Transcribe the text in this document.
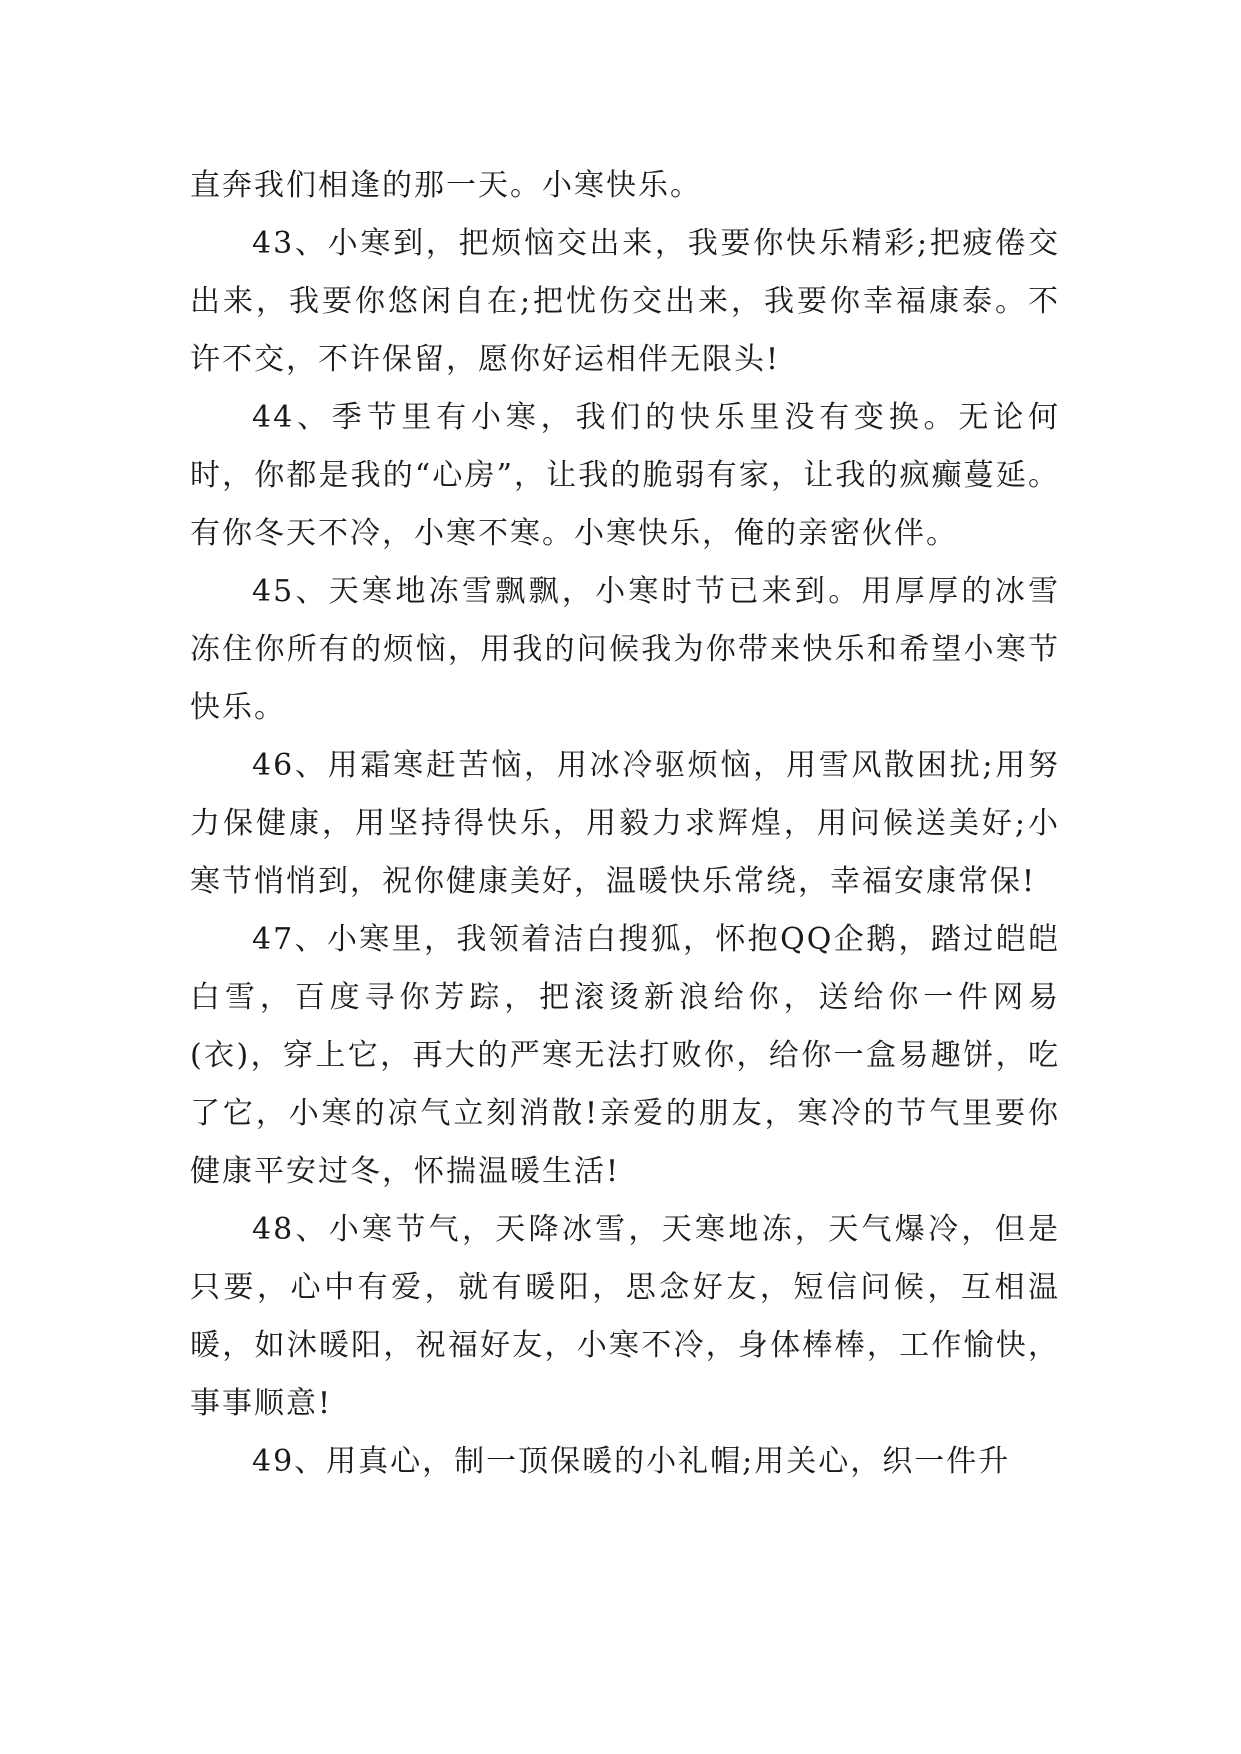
直奔我们相逢的那一天。小寒快乐。

43、小寒到，把烦恼交出来，我要你快乐精彩;把疲倦交出来，我要你悠闲自在;把忧伤交出来，我要你幸福康泰。不许不交，不许保留，愿你好运相伴无限头!

44、季节里有小寒，我们的快乐里没有变换。无论何时，你都是我的“心房”，让我的脆弱有家，让我的疯癫蔓延。有你冬天不冷，小寒不寒。小寒快乐，俺的亲密伙伴。

45、天寒地冻雪飘飘，小寒时节已来到。用厚厚的冰雪冻住你所有的烦恼，用我的问候我为你带来快乐和希望小寒节快乐。

46、用霜寒赶苦恼，用冰冷驱烦恼，用雪风散困扰;用努力保健康，用坚持得快乐，用毅力求辉煌，用问候送美好;小寒节悄悄到，祝你健康美好，温暖快乐常绕，幸福安康常保!

47、小寒里，我领着洁白搜狐，怀抱QQ企鹅，踏过皑皑白雪，百度寻你芳踪，把滚烫新浪给你，送给你一件网易(衣)，穿上它，再大的严寒无法打败你，给你一盒易趣饼，吃了它，小寒的凉气立刻消散!亲爱的朋友，寒冷的节气里要你健康平安过冬，怀揣温暖生活!

48、小寒节气，天降冰雪，天寒地冻，天气爆冷，但是只要，心中有爱，就有暖阳，思念好友，短信问候，互相温暖，如沐暖阳，祝福好友，小寒不冷，身体棒棒，工作愉快，事事顺意!

49、用真心，制一顶保暖的小礼帽;用关心，织一件升
